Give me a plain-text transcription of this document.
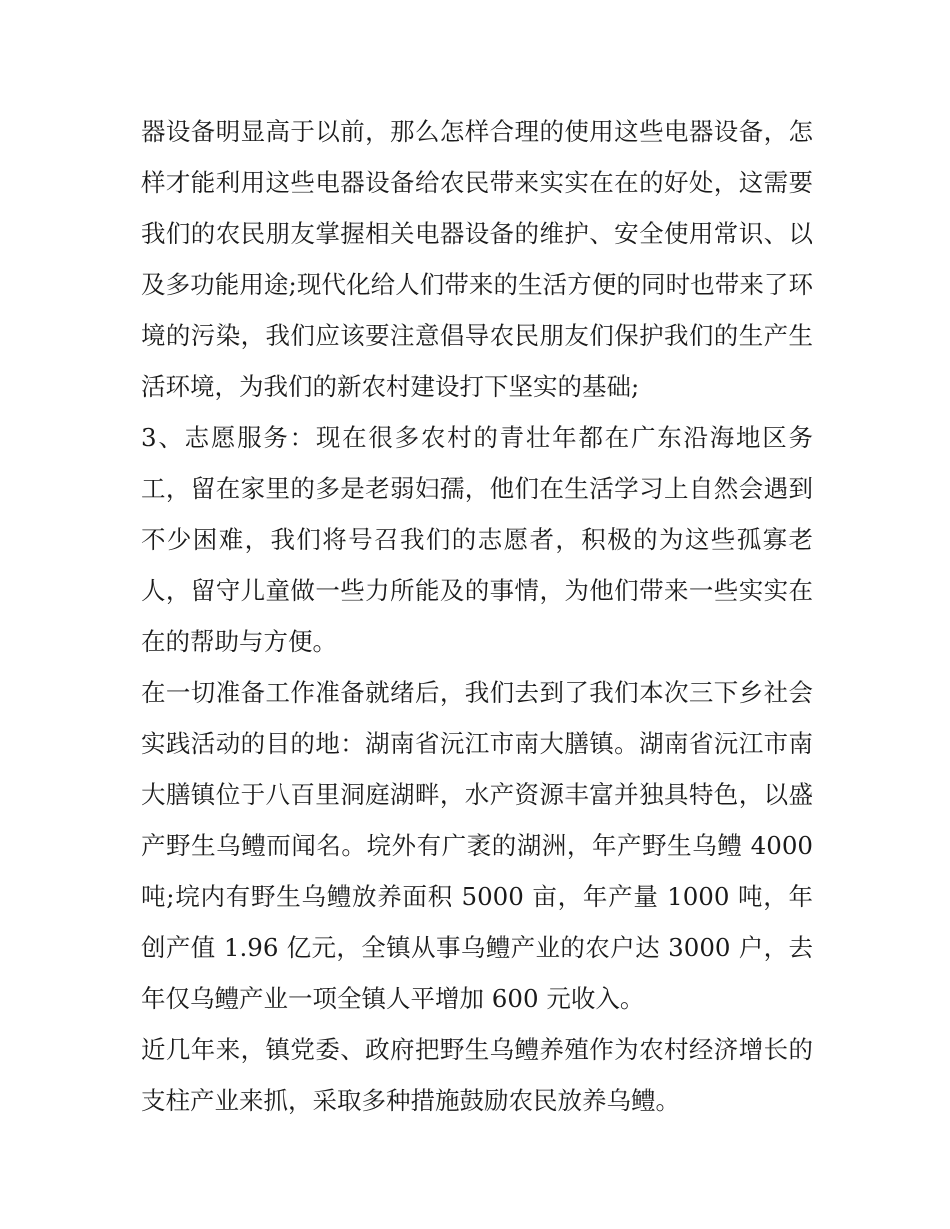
器设备明显高于以前，那么怎样合理的使用这些电器设备，怎样才能利用这些电器设备给农民带来实实在在的好处，这需要我们的农民朋友掌握相关电器设备的维护、安全使用常识、以及多功能用途;现代化给人们带来的生活方便的同时也带来了环境的污染，我们应该要注意倡导农民朋友们保护我们的生产生活环境，为我们的新农村建设打下坚实的基础;

3、志愿服务：现在很多农村的青壮年都在广东沿海地区务工，留在家里的多是老弱妇孺，他们在生活学习上自然会遇到不少困难，我们将号召我们的志愿者，积极的为这些孤寡老人，留守儿童做一些力所能及的事情，为他们带来一些实实在在的帮助与方便。

在一切准备工作准备就绪后，我们去到了我们本次三下乡社会实践活动的目的地：湖南省沅江市南大膳镇。湖南省沅江市南大膳镇位于八百里洞庭湖畔，水产资源丰富并独具特色，以盛产野生乌鳢而闻名。垸外有广袤的湖洲，年产野生乌鳢 4000 吨;垸内有野生乌鳢放养面积 5000 亩，年产量 1000 吨，年创产值 1.96 亿元，全镇从事乌鳢产业的农户达 3000 户，去年仅乌鳢产业一项全镇人平增加 600 元收入。

近几年来，镇党委、政府把野生乌鳢养殖作为农村经济增长的支柱产业来抓，采取多种措施鼓励农民放养乌鳢。
